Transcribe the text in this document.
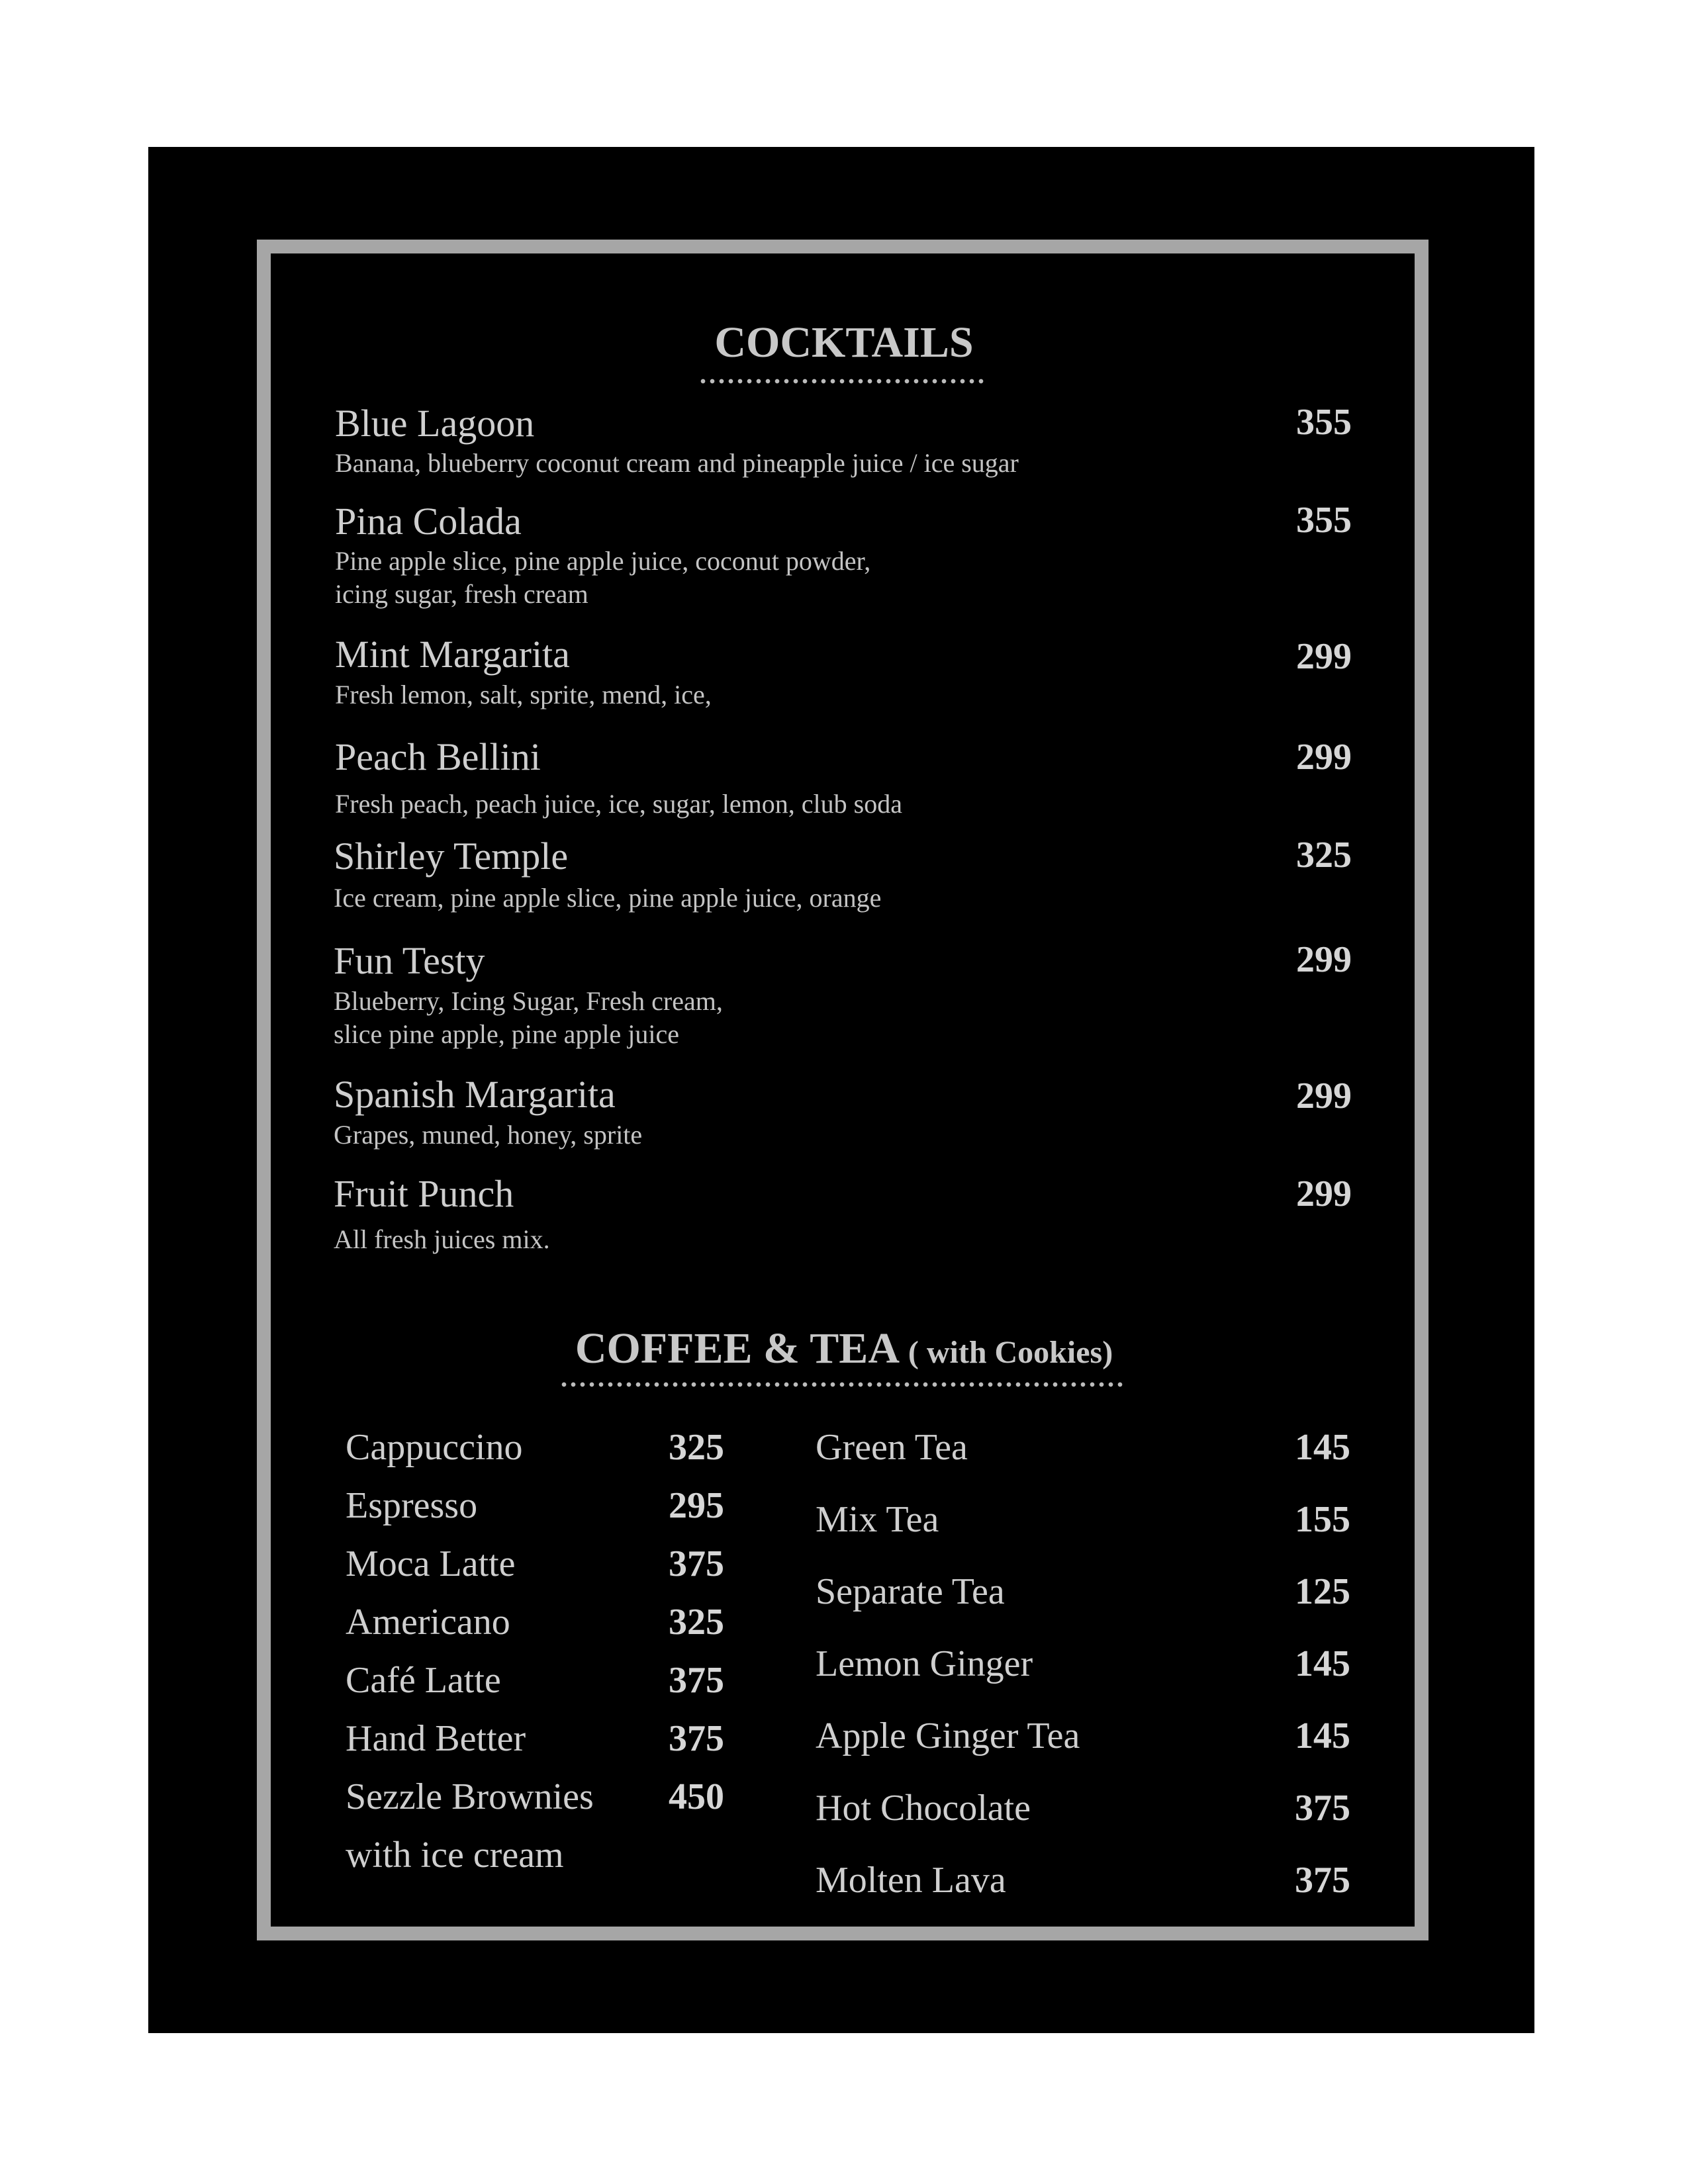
COCKTAILS
Blue Lagoon
Banana, blueberry coconut cream and pineapple juice / ice sugar
355
Pina Colada
Pine apple slice, pine apple juice, coconut powder,
icing sugar, fresh cream
355
Mint Margarita
Fresh lemon, salt, sprite, mend, ice,
299
Peach Bellini
Fresh peach, peach juice, ice, sugar, lemon, club soda
299
Shirley Temple
Ice cream, pine apple slice, pine apple juice, orange
325
Fun Testy
Blueberry, Icing Sugar, Fresh cream,
slice pine apple, pine apple juice
299
Spanish Margarita
Grapes, muned, honey, sprite
299
Fruit Punch
All fresh juices mix.
299
COFFEE & TEA ( with Cookies)
Cappuccino	325
Espresso	295
Moca Latte	375
Americano	325
Café Latte	375
Hand Better	375
Sezzle Brownies	450
with ice cream
Green Tea	145
Mix Tea	155
Separate Tea	125
Lemon Ginger	145
Apple Ginger Tea	145
Hot Chocolate	375
Molten Lava	375
